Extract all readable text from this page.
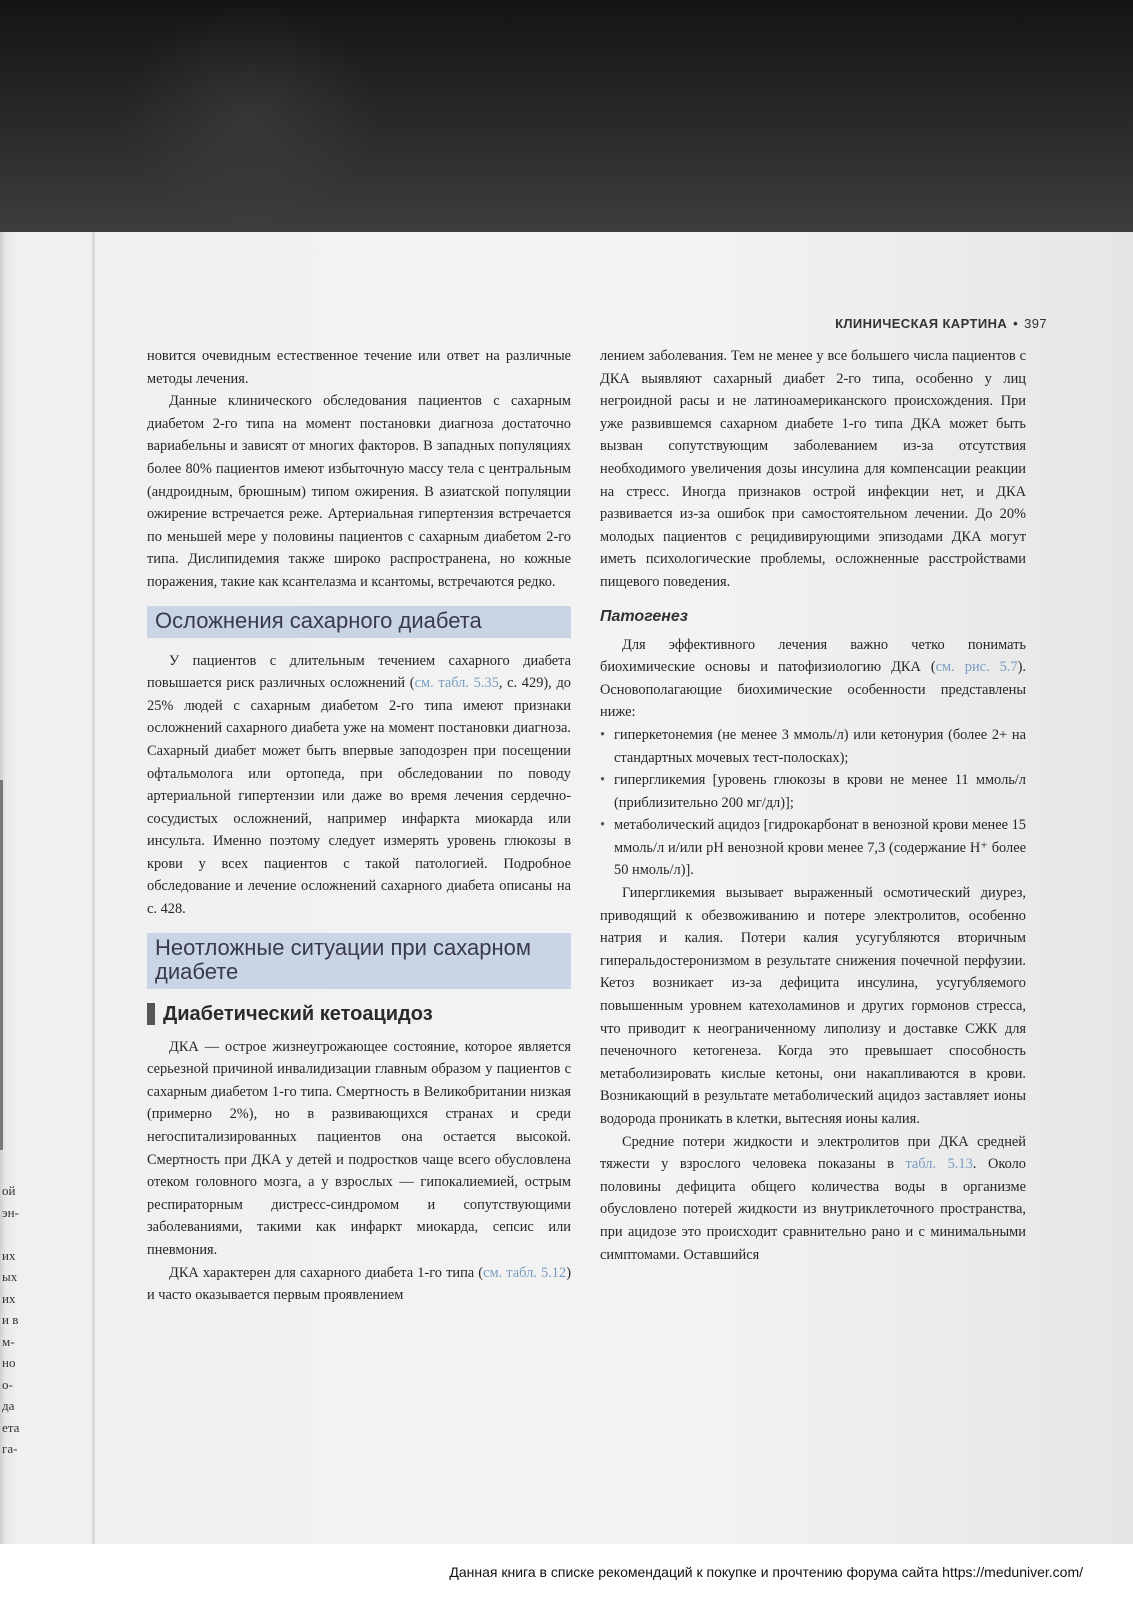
ой
эн-

их
ых
их
и в
м-
но
о-
да
ета
га-
КЛИНИЧЕСКАЯ КАРТИНА • 397

новится очевидным естественное течение или ответ на различные методы лечения.

Данные клинического обследования пациентов с сахарным диабетом 2-го типа на момент постановки диагноза достаточно вариабельны и зависят от многих факторов. В западных популяциях более 80% пациентов имеют избыточную массу тела с центральным (андроидным, брюшным) типом ожирения. В азиатской популяции ожирение встречается реже. Артериальная гипертензия встречается по меньшей мере у половины пациентов с сахарным диабетом 2-го типа. Дислипидемия также широко распространена, но кожные поражения, такие как ксантелазма и ксантомы, встречаются редко.

Осложнения сахарного диабета

У пациентов с длительным течением сахарного диабета повышается риск различных осложнений (см. табл. 5.35, с. 429), до 25% людей с сахарным диабетом 2-го типа имеют признаки осложнений сахарного диабета уже на момент постановки диагноза. Сахарный диабет может быть впервые заподозрен при посещении офтальмолога или ортопеда, при обследовании по поводу артериальной гипертензии или даже во время лечения сердечно-сосудистых осложнений, например инфаркта миокарда или инсульта. Именно поэтому следует измерять уровень глюкозы в крови у всех пациентов с такой патологией. Подробное обследование и лечение осложнений сахарного диабета описаны на с. 428.

Неотложные ситуации при сахарном диабете
Диабетический кетоацидоз

ДКА — острое жизнеугрожающее состояние, которое является серьезной причиной инвалидизации главным образом у пациентов с сахарным диабетом 1-го типа. Смертность в Великобритании низкая (примерно 2%), но в развивающихся странах и среди негоспитализированных пациентов она остается высокой. Смертность при ДКА у детей и подростков чаще всего обусловлена отеком головного мозга, а у взрослых — гипокалиемией, острым респираторным дистресс-синдромом и сопутствующими заболеваниями, такими как инфаркт миокарда, сепсис или пневмония.

ДКА характерен для сахарного диабета 1-го типа (см. табл. 5.12) и часто оказывается первым проявлением

лением заболевания. Тем не менее у все большего числа пациентов с ДКА выявляют сахарный диабет 2-го типа, особенно у лиц негроидной расы и не латиноамериканского происхождения. При уже развившемся сахарном диабете 1-го типа ДКА может быть вызван сопутствующим заболеванием из-за отсутствия необходимого увеличения дозы инсулина для компенсации реакции на стресс. Иногда признаков острой инфекции нет, и ДКА развивается из-за ошибок при самостоятельном лечении. До 20% молодых пациентов с рецидивирующими эпизодами ДКА могут иметь психологические проблемы, осложненные расстройствами пищевого поведения.

Патогенез

Для эффективного лечения важно четко понимать биохимические основы и патофизиологию ДКА (см. рис. 5.7). Основополагающие биохимические особенности представлены ниже:

• гиперкетонемия (не менее 3 ммоль/л) или кетонурия (более 2+ на стандартных мочевых тест-полосках);
• гипергликемия [уровень глюкозы в крови не менее 11 ммоль/л (приблизительно 200 мг/дл)];
• метаболический ацидоз [гидрокарбонат в венозной крови менее 15 ммоль/л и/или pH венозной крови менее 7,3 (содержание H⁺ более 50 нмоль/л)].

Гипергликемия вызывает выраженный осмотический диурез, приводящий к обезвоживанию и потере электролитов, особенно натрия и калия. Потери калия усугубляются вторичным гиперальдостеронизмом в результате снижения почечной перфузии. Кетоз возникает из-за дефицита инсулина, усугубляемого повышенным уровнем катехоламинов и других гормонов стресса, что приводит к неограниченному липолизу и доставке СЖК для печеночного кетогенеза. Когда это превышает способность метаболизировать кислые кетоны, они накапливаются в крови. Возникающий в результате метаболический ацидоз заставляет ионы водорода проникать в клетки, вытесняя ионы калия.

Средние потери жидкости и электролитов при ДКА средней тяжести у взрослого человека показаны в табл. 5.13. Около половины дефицита общего количества воды в организме обусловлено потерей жидкости из внутриклеточного пространства, при ацидозе это происходит сравнительно рано и с минимальными симптомами. Оставшийся

Данная книга в списке рекомендаций к покупке и прочтению форума сайта https://meduniver.com/
